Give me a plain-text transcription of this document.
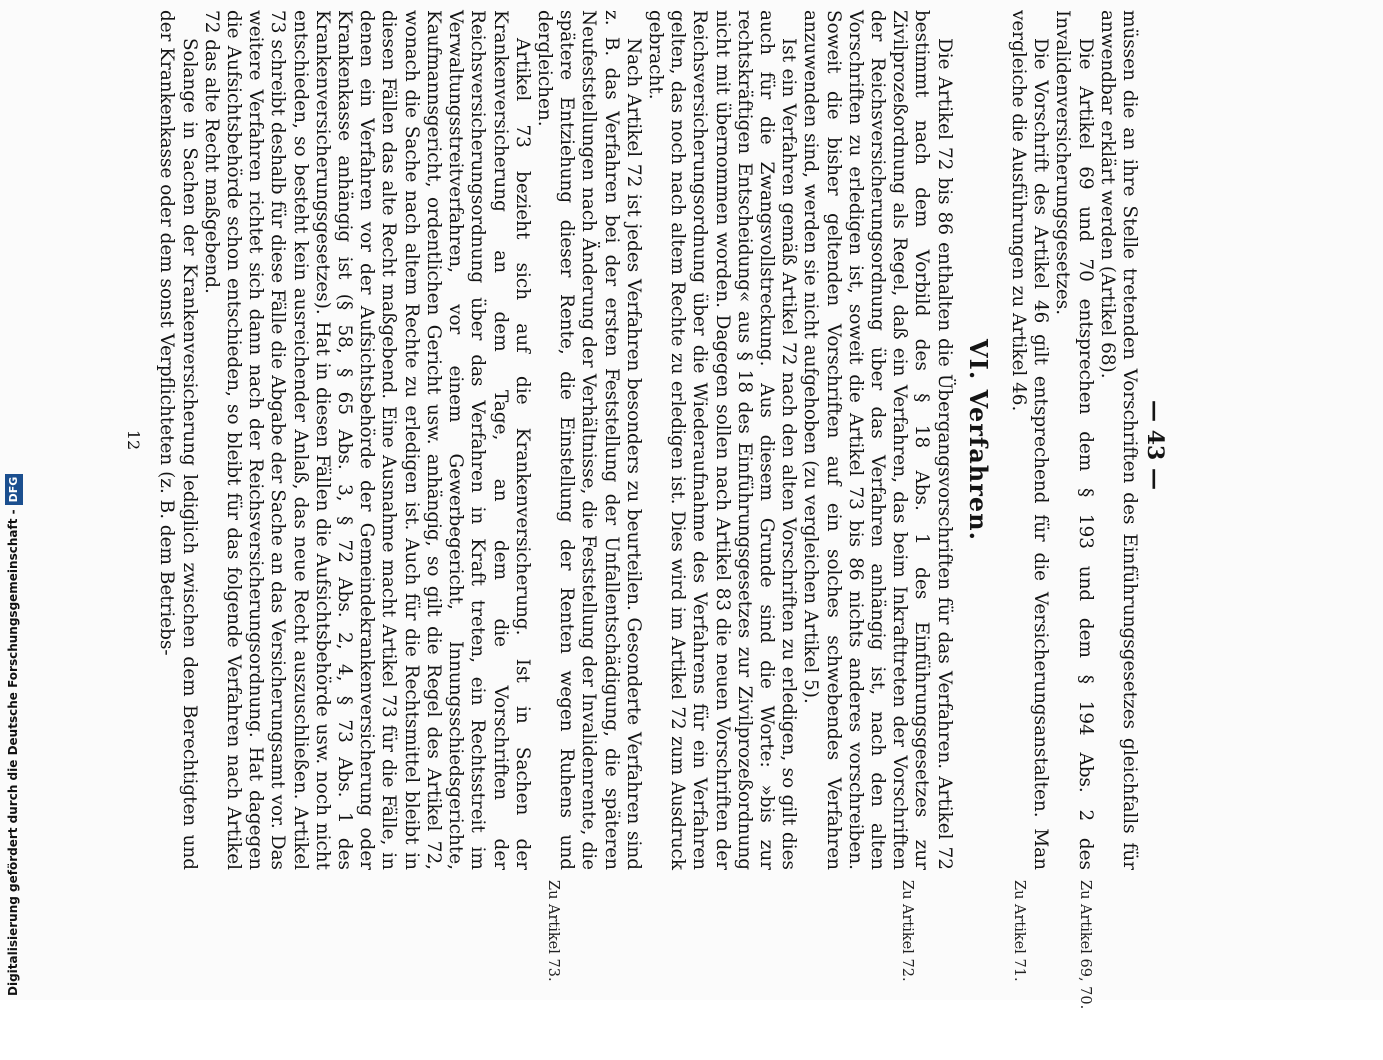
— 43 —
Zu Artikel 69, 70.
Zu Artikel 71.
Zu Artikel 72.
Zu Artikel 73.

müssen die an ihre Stelle tretenden Vorschriften des Einführungsgesetzes gleichfalls für anwendbar erklärt werden (Artikel 68).

Die Artikel 69 und 70 entsprechen dem § 193 und dem § 194 Abs. 2 des Invalidenversicherungsgesetzes.

Die Vorschrift des Artikel 46 gilt entsprechend für die Versicherungsanstalten. Man vergleiche die Ausführungen zu Artikel 46.

VI. Verfahren.

Die Artikel 72 bis 86 enthalten die Übergangsvorschriften für das Verfahren. Artikel 72 bestimmt nach dem Vorbild des § 18 Abs. 1 des Einführungsgesetzes zur Zivilprozeßordnung als Regel, daß ein Verfahren, das beim Inkrafttreten der Vorschriften der Reichsversicherungsordnung über das Verfahren anhängig ist, nach den alten Vorschriften zu erledigen ist, soweit die Artikel 73 bis 86 nichts anderes vorschreiben. Soweit die bisher geltenden Vorschriften auf ein solches schwebendes Verfahren anzuwenden sind, werden sie nicht aufgehoben (zu vergleichen Artikel 5).

Ist ein Verfahren gemäß Artikel 72 nach den alten Vorschriften zu erledigen, so gilt dies auch für die Zwangsvollstreckung. Aus diesem Grunde sind die Worte: »bis zur rechtskräftigen Entscheidung« aus § 18 des Einführungsgesetzes zur Zivilprozeßordnung nicht mit übernommen worden. Dagegen sollen nach Artikel 83 die neuen Vorschriften der Reichsversicherungsordnung über die Wiederaufnahme des Verfahrens für ein Verfahren gelten, das noch nach altem Rechte zu erledigen ist. Dies wird im Artikel 72 zum Ausdruck gebracht.

Nach Artikel 72 ist jedes Verfahren besonders zu beurteilen. Gesonderte Verfahren sind z. B. das Verfahren bei der ersten Feststellung der Unfallentschädigung, die späteren Neufeststellungen nach Änderung der Verhältnisse, die Feststellung der Invalidenrente, die spätere Entziehung dieser Rente, die Einstellung der Renten wegen Ruhens und dergleichen.

Artikel 73 bezieht sich auf die Krankenversicherung. Ist in Sachen der Krankenversicherung an dem Tage, an dem die Vorschriften der Reichsversicherungsordnung über das Verfahren in Kraft treten, ein Rechtsstreit im Verwaltungsstreitverfahren, vor einem Gewerbegericht, Innungsschiedsgerichte, Kaufmannsgericht, ordentlichen Gericht usw. anhängig, so gilt die Regel des Artikel 72, wonach die Sache nach altem Rechte zu erledigen ist. Auch für die Rechtsmittel bleibt in diesen Fällen das alte Recht maßgebend. Eine Ausnahme macht Artikel 73 für die Fälle, in denen ein Verfahren vor der Aufsichtsbehörde der Gemeindekrankenversicherung oder Krankenkasse anhängig ist (§ 58, § 65 Abs. 3, § 72 Abs. 2, 4, § 73 Abs. 1 des Krankenversicherungsgesetzes). Hat in diesen Fällen die Aufsichtsbehörde usw. noch nicht entschieden, so besteht kein ausreichender Anlaß, das neue Recht auszuschließen. Artikel 73 schreibt deshalb für diese Fälle die Abgabe der Sache an das Versicherungsamt vor. Das weitere Verfahren richtet sich dann nach der Reichsversicherungsordnung. Hat dagegen die Aufsichtsbehörde schon entschieden, so bleibt für das folgende Verfahren nach Artikel 72 das alte Recht maßgebend.

Solange in Sachen der Krankenversicherung lediglich zwischen dem Berechtigten und der Krankenkasse oder dem sonst Verpflichteten (z. B. dem Betriebs-

12
Digitalisierung gefördert durch die Deutsche Forschungsgemeinschaft -DFG
